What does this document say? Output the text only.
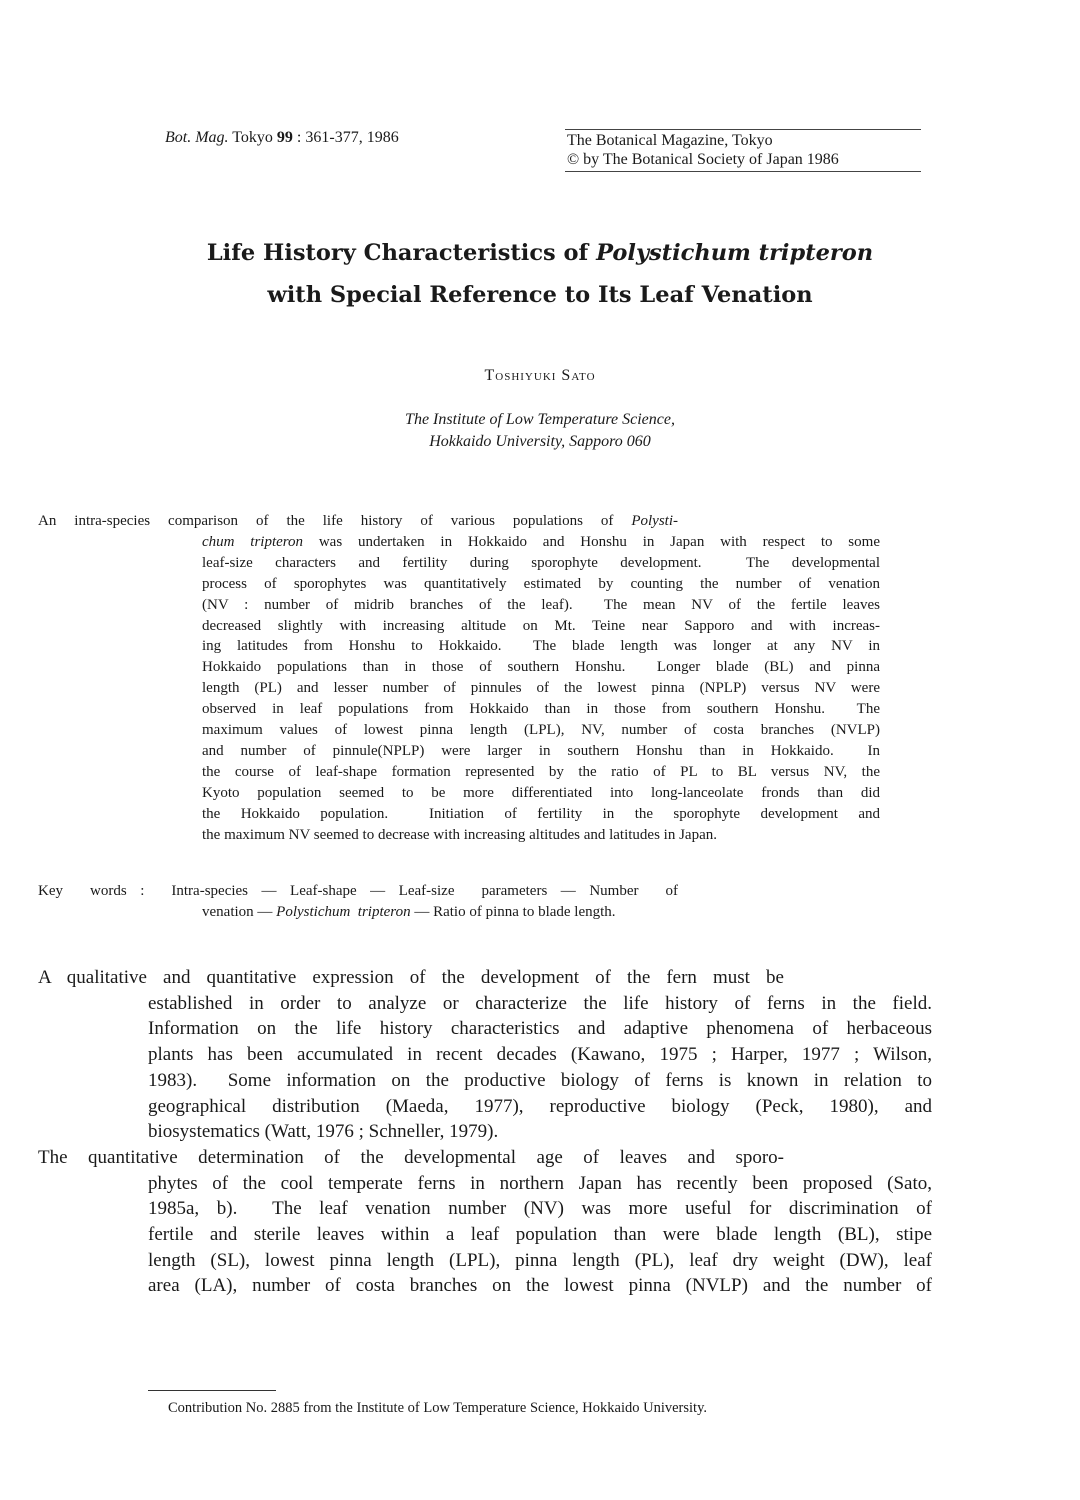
Bot. Mag. Tokyo 99 : 361-377, 1986	The Botanical Magazine, Tokyo
© by The Botanical Society of Japan 1986
Life History Characteristics of Polystichum tripteron
with Special Reference to Its Leaf Venation
Toshiyuki Sato
The Institute of Low Temperature Science,
Hokkaido University, Sapporo 060
An intra-species comparison of the life history of various populations of Polysti-
chum tripteron was undertaken in Hokkaido and Honshu in Japan with respect to some
leaf-size characters and fertility during sporophyte development.  The developmental
process of sporophytes was quantitatively estimated by counting the number of venation
(NV : number of midrib branches of the leaf).  The mean NV of the fertile leaves
decreased slightly with increasing altitude on Mt. Teine near Sapporo and with increas-
ing latitudes from Honshu to Hokkaido.  The blade length was longer at any NV in
Hokkaido populations than in those of southern Honshu.  Longer blade (BL) and pinna
length (PL) and lesser number of pinnules of the lowest pinna (NPLP) versus NV were
observed in leaf populations from Hokkaido than in those from southern Honshu.  The
maximum values of lowest pinna length (LPL), NV, number of costa branches (NVLP)
and number of pinnule(NPLP) were larger in southern Honshu than in Hokkaido.  In
the course of leaf-shape formation represented by the ratio of PL to BL versus NV, the
Kyoto population seemed to be more differentiated into long-lanceolate fronds than did
the Hokkaido population.  Initiation of fertility in the sporophyte development and
the maximum NV seemed to decrease with increasing altitudes and latitudes in Japan.
Key  words :  Intra-species — Leaf-shape — Leaf-size  parameters — Number  of
venation — Polystichum  tripteron — Ratio of pinna to blade length.
A qualitative and quantitative expression of the development of the fern must be
established in order to analyze or characterize the life history of ferns in the field.
Information on the life history characteristics and adaptive phenomena of herbaceous
plants has been accumulated in recent decades (Kawano, 1975 ; Harper, 1977 ; Wilson,
1983).  Some information on the productive biology of ferns is known in relation to
geographical distribution (Maeda, 1977), reproductive biology (Peck, 1980), and
biosystematics (Watt, 1976 ; Schneller, 1979).
The quantitative determination of the developmental age of leaves and sporo-
phytes of the cool temperate ferns in northern Japan has recently been proposed (Sato,
1985a, b).  The leaf venation number (NV) was more useful for discrimination of
fertile and sterile leaves within a leaf population than were blade length (BL), stipe
length (SL), lowest pinna length (LPL), pinna length (PL), leaf dry weight (DW), leaf
area (LA), number of costa branches on the lowest pinna (NVLP) and the number of
Contribution No. 2885 from the Institute of Low Temperature Science, Hokkaido University.
